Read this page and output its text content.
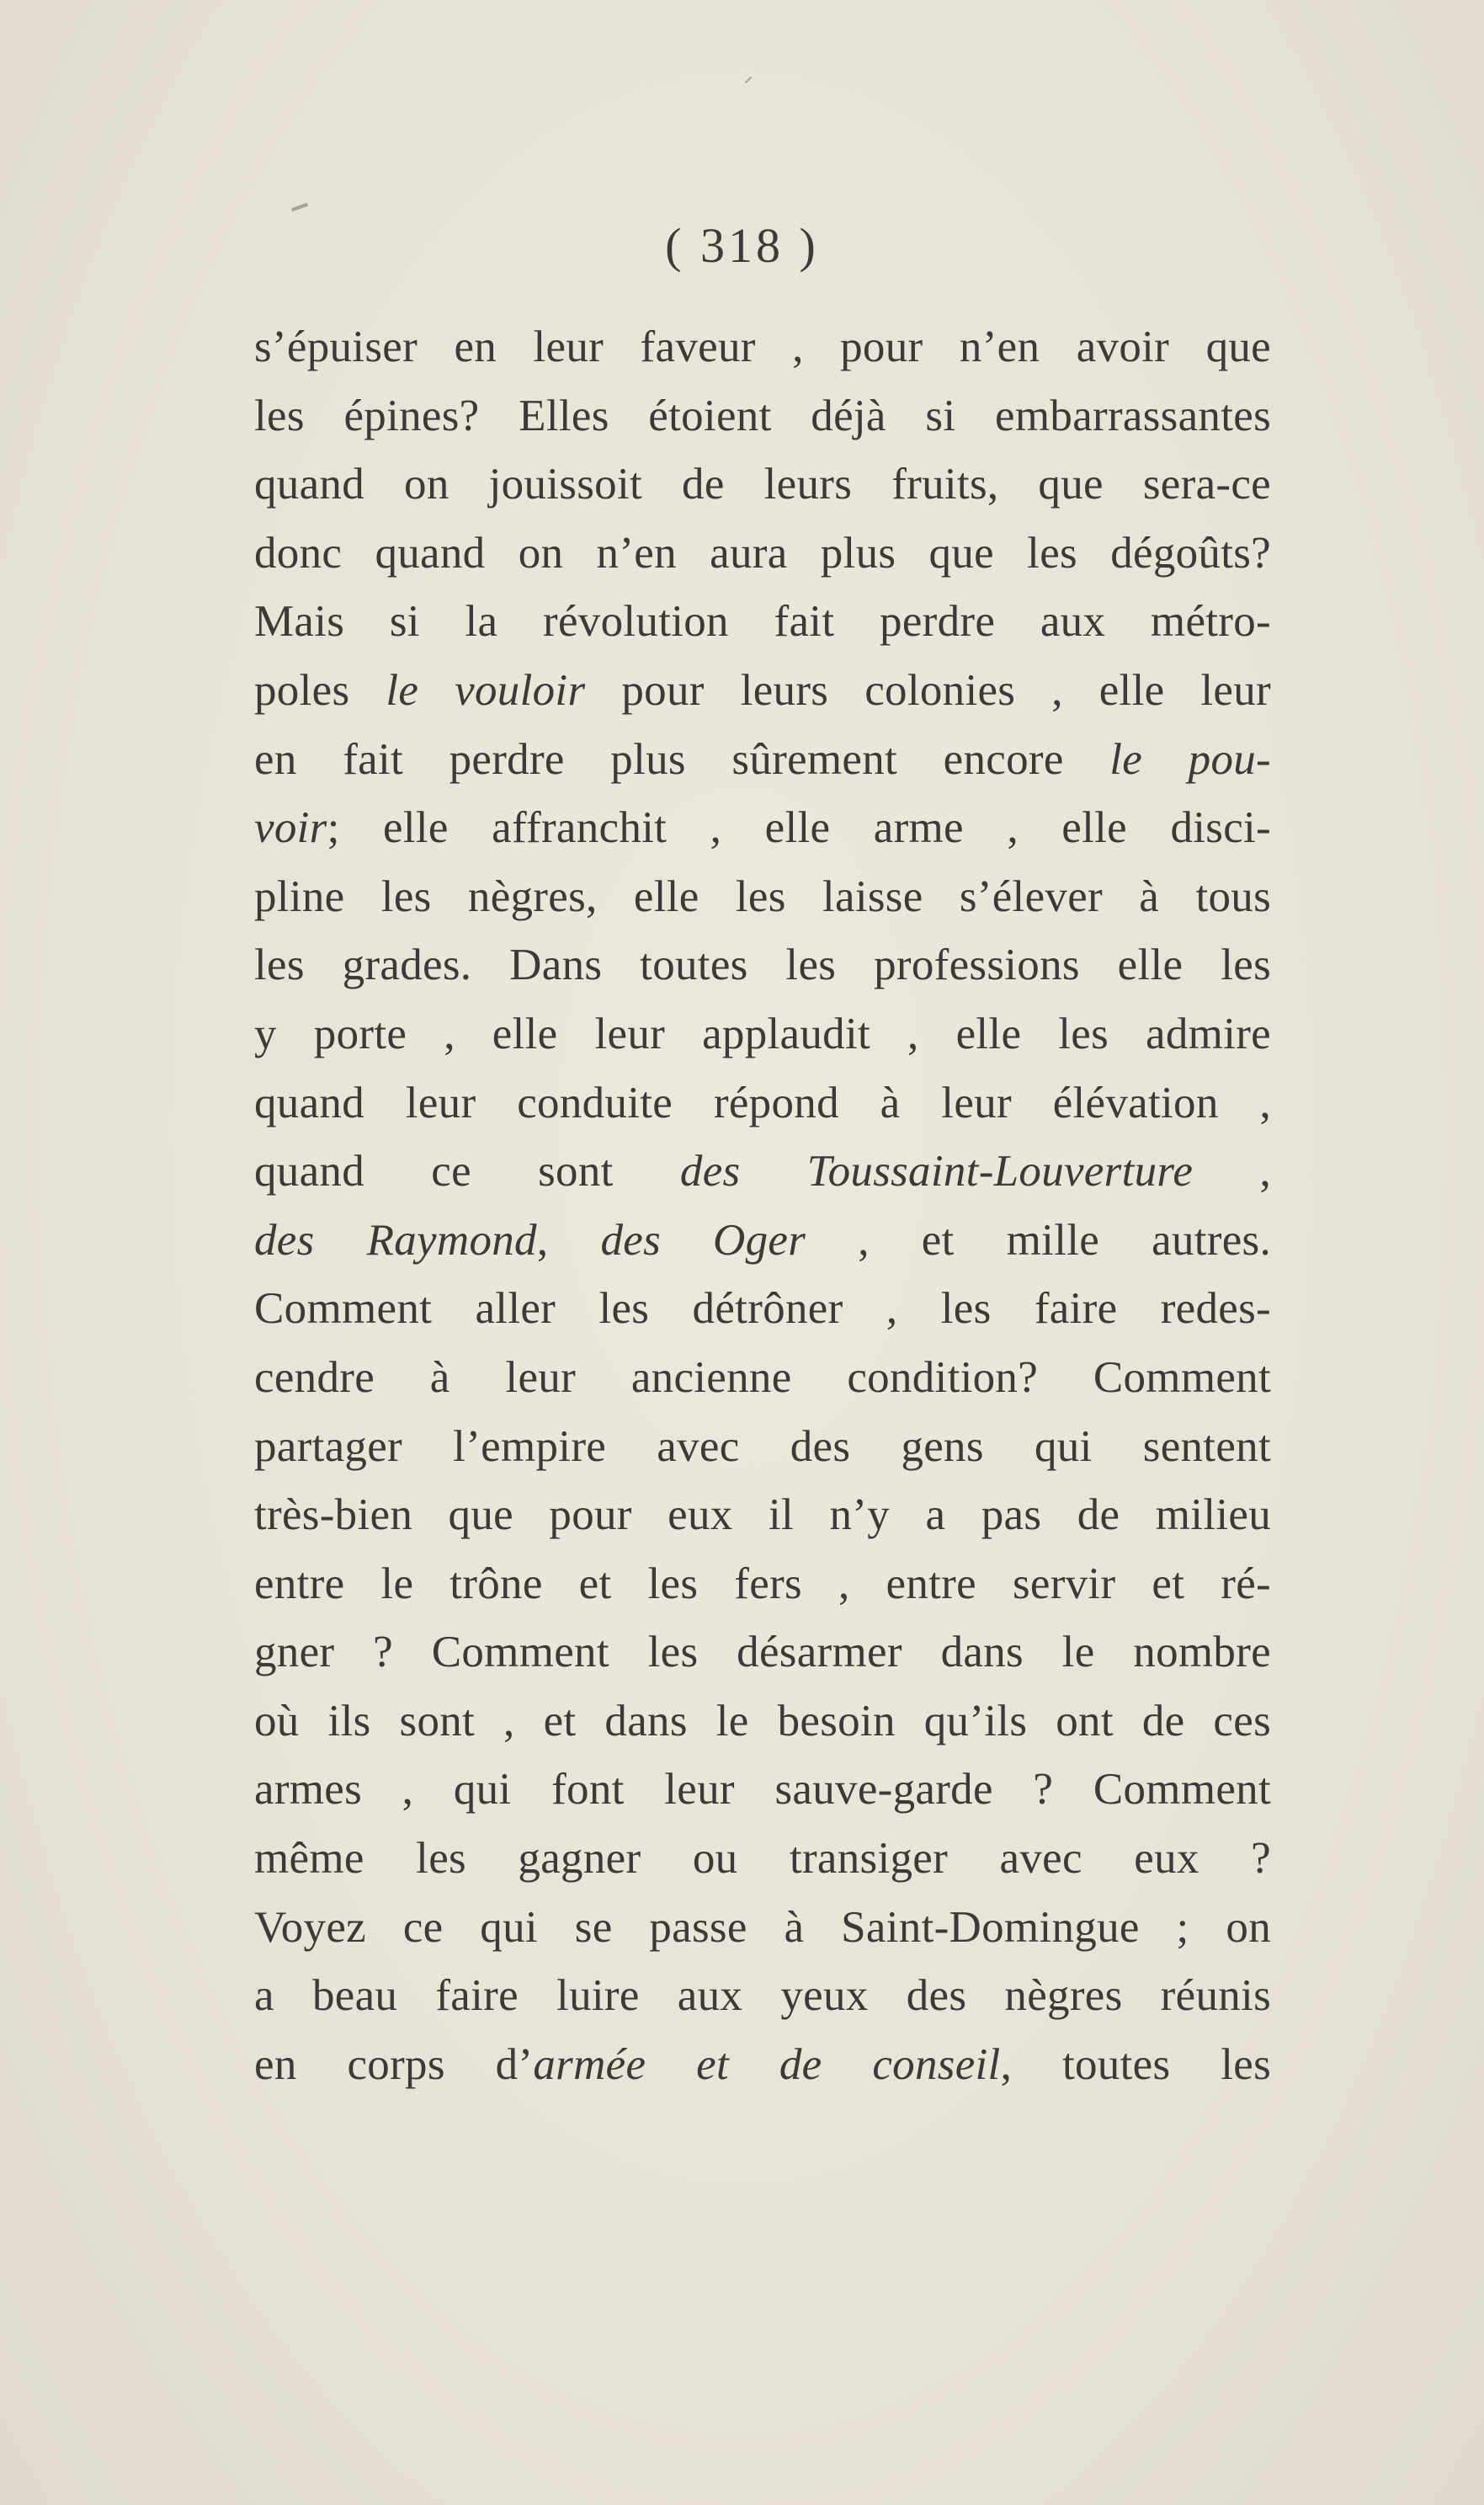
( 318 )
s’épuiser en leur faveur , pour n’en avoir que
les épines? Elles étoient déjà si embarrassantes
quand on jouissoit de leurs fruits, que sera-ce
donc quand on n’en aura plus que les dégoûts?
Mais si la révolution fait perdre aux métro-
poles le vouloir pour leurs colonies , elle leur
en fait perdre plus sûrement encore le pou-
voir; elle affranchit , elle arme , elle disci-
pline les nègres, elle les laisse s’élever à tous
les grades. Dans toutes les professions elle les
y porte , elle leur applaudit , elle les admire
quand leur conduite répond à leur élévation ,
quand ce sont des Toussaint-Louverture ,
des Raymond, des Oger , et mille autres.
Comment aller les détrôner , les faire redes-
cendre à leur ancienne condition? Comment
partager l’empire avec des gens qui sentent
très-bien que pour eux il n’y a pas de milieu
entre le trône et les fers , entre servir et ré-
gner ? Comment les désarmer dans le nombre
où ils sont , et dans le besoin qu’ils ont de ces
armes , qui font leur sauve-garde ? Comment
même les gagner ou transiger avec eux ?
Voyez ce qui se passe à Saint-Domingue ; on
a beau faire luire aux yeux des nègres réunis
en corps d’armée et de conseil, toutes les
